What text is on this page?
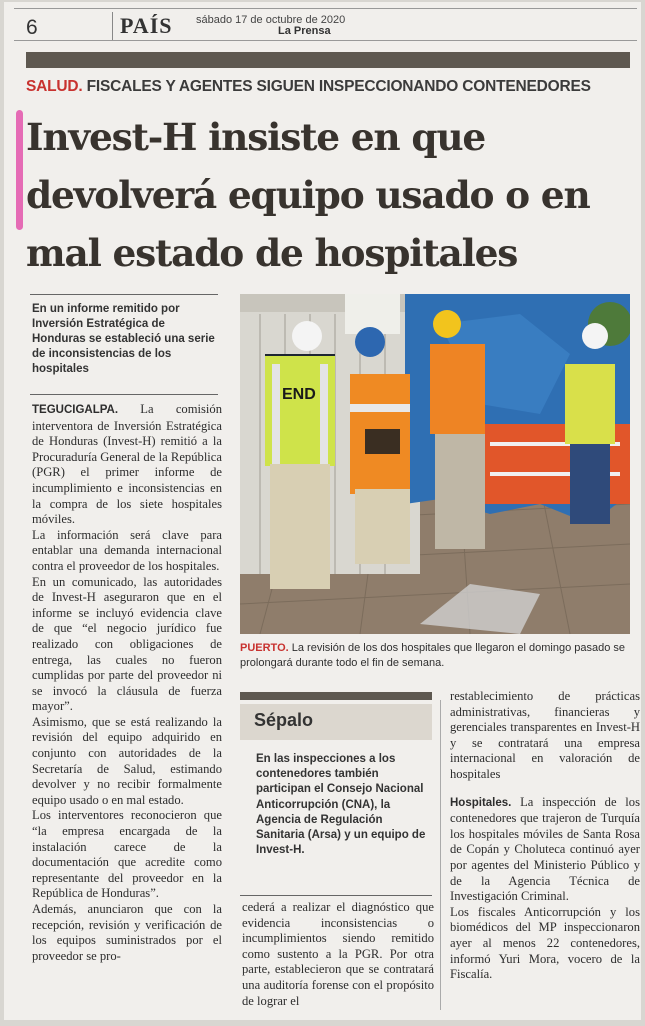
6	PAÍS sábado 17 de octubre de 2020
La Prensa
SALUD. FISCALES Y AGENTES SIGUEN INSPECCIONANDO CONTENEDORES
Invest-H insiste en que devolverá equipo usado o en mal estado de hospitales
En un informe remitido por Inversión Estratégica de Honduras se estableció una serie de inconsistencias de los hospitales

TEGUCIGALPA. La comisión interventora de Inversión Estratégica de Honduras (Invest-H) remitió a la Procuraduría General de la República (PGR) el primer informe de incumplimiento e inconsistencias en la compra de los siete hospitales móviles.

La información será clave para entablar una demanda internacional contra el proveedor de los hospitales.

En un comunicado, las autoridades de Invest-H aseguraron que en el informe se incluyó evidencia clave de que “el negocio jurídico fue realizado con obligaciones de entrega, las cuales no fueron cumplidas por parte del proveedor ni se invocó la cláusula de fuerza mayor”.

Asimismo, que se está realizando la revisión del equipo adquirido en conjunto con autoridades de la Secretaría de Salud, estimando devolver y no recibir formalmente equipo usado o en mal estado.

Los interventores reconocieron que “la empresa encargada de la instalación carece de la documentación que acredite como representante del proveedor en la República de Honduras”.

Además, anunciaron que con la recepción, revisión y verificación de los equipos suministrados por el proveedor se pro-

END
PUERTO. La revisión de los dos hospitales que llegaron el domingo pasado se prolongará durante todo el fin de semana.
Sépalo
En las inspecciones a los contenedores también participan el Consejo Nacional Anticorrupción (CNA), la Agencia de Regulación Sanitaria (Arsa) y un equipo de Invest-H.

cederá a realizar el diagnóstico que evidencia inconsistencias o incumplimientos siendo remitido como sustento a la PGR. Por otra parte, establecieron que se contratará una auditoría forense con el propósito de lograr el

restablecimiento de prácticas administrativas, financieras y gerenciales transparentes en Invest-H y se contratará una empresa internacional en valoración de hospitales

Hospitales. La inspección de los contenedores que trajeron de Turquía los hospitales móviles de Santa Rosa de Copán y Choluteca continuó ayer por agentes del Ministerio Público y de la Agencia Técnica de Investigación Criminal.

Los fiscales Anticorrupción y los biomédicos del MP inspeccionaron ayer al menos 22 contenedores, informó Yuri Mora, vocero de la Fiscalía.
